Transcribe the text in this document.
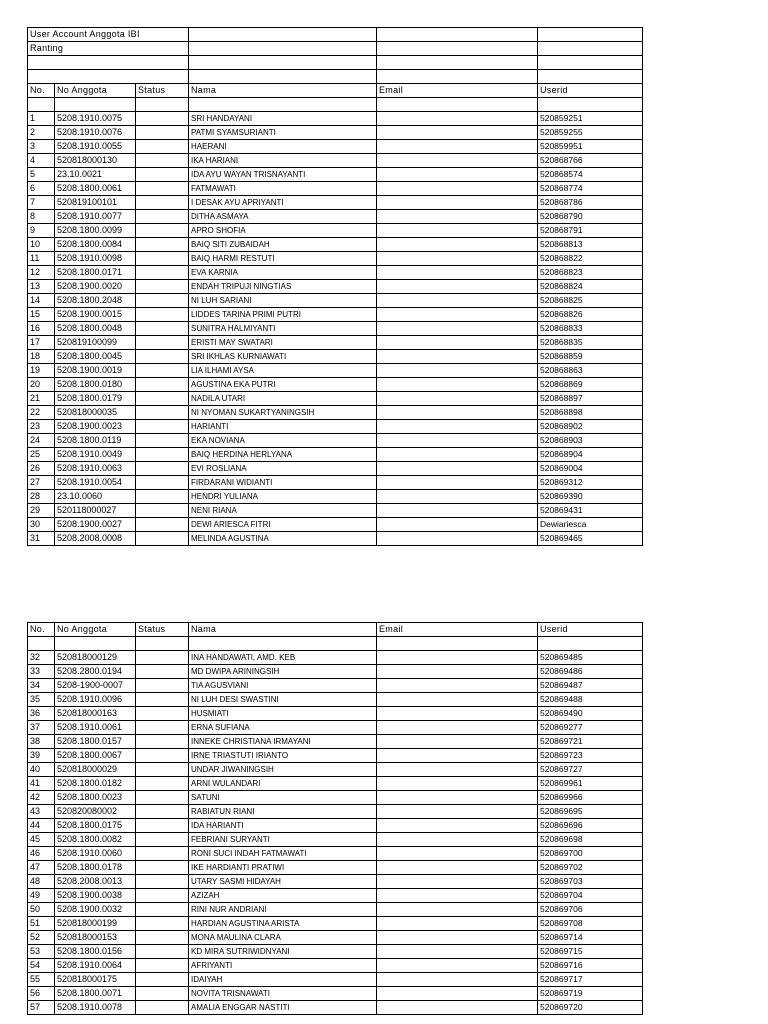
User Account Anggota IBI					
Ranting					

No.	No Anggota	Status	Nama	Email	Userid

1	5208.1910.0075		SRI HANDAYANI		520859251
2	5208.1910.0076		PATMI SYAMSURIANTI		520859255
3	5208.1910.0055		HAERANI		520859951
4	520818000130		IKA HARIANI		520868766
5	23.10.0021		IDA AYU WAYAN TRISNAYANTI		520868574
6	5208.1800.0061		FATMAWATI		520868774
7	520819100101		I DESAK AYU APRIYANTI		520868786
8	5208.1910.0077		DITHA ASMAYA		520868790
9	5208.1800.0099		APRO SHOFIA		520868791
10	5208.1800.0084		BAIQ SITI ZUBAIDAH		520868813
11	5208.1910.0098		BAIQ HARMI RESTUTI		520868822
12	5208.1800.0171		EVA KARNIA		520868823
13	5208.1900.0020		ENDAH TRIPUJI NINGTIAS		520868824
14	5208.1800.2048		NI LUH SARIANI		520868825
15	5208.1900.0015		LIDDES TARINA PRIMI PUTRI		520868826
16	5208.1800.0048		SUNITRA HALMIYANTI		520868833
17	520819100099		ERISTI MAY SWATARI		520868835
18	5208.1800.0045		SRI IKHLAS KURNIAWATI		520868859
19	5208.1900.0019		LIA ILHAMI AYSA		520868863
20	5208.1800.0180		AGUSTINA EKA PUTRI		520868869
21	5208.1800.0179		NADILA UTARI		520868897
22	520818000035		NI NYOMAN SUKARTYANINGSIH		520868898
23	5208.1900.0023		HARIANTI		520868902
24	5208.1800.0119		EKA NOVIANA		520868903
25	5208.1910.0049		BAIQ HERDINA HERLYANA		520868904
26	5208.1910.0063		EVI ROSLIANA		520869004
27	5208.1910.0054		FIRDARANI WIDIANTI		520869312
28	23.10.0060		HENDRI YULIANA		520869390
29	520118000027		NENI RIANA		520869431
30	5208.1900.0027		DEWI ARIESCA FITRI		Dewiariesca
31	5208.2008.0008		MELINDA AGUSTINA		520869465
No.	No Anggota	Status	Nama	Email	Userid

32	520818000129		INA HANDAWATI, AMD. KEB		520869485
33	5208.2800.0194		MD DWIPA ARININGSIH		520869486
34	5208-1900-0007		TIA AGUSVIANI		520869487
35	5208.1910.0096		NI LUH DESI SWASTINI		520869488
36	520818000163		HUSMIATI		520869490
37	5208.1910.0061		ERNA SUFIANA		520869277
38	5208.1800.0157		INNEKE CHRISTIANA IRMAYANI		520869721
39	5208.1800.0067		IRNE TRIASTUTI IRIANTO		520869723
40	520818000029		UNDAR JIWANINGSIH		520869727
41	5208.1800.0182		ARNI WULANDARI		520869961
42	5208.1800.0023		SATUNI		520869966
43	520820080002		RABIATUN RIANI		520869695
44	5208.1800.0175		IDA HARIANTI		520869696
45	5208.1800.0082		FEBRIANI SURYANTI		520869698
46	5208.1910.0060		RONI SUCI INDAH FATMAWATI		520869700
47	5208.1800.0178		IKE HARDIANTI PRATIWI		520869702
48	5208.2008.0013		UTARY SASMI HIDAYAH		520869703
49	5208.1900.0038		AZIZAH		520869704
50	5208.1900.0032		RINI NUR ANDRIANI		520869706
51	520818000199		HARDIAN AGUSTINA ARISTA		520869708
52	520818000153		MONA MAULINA CLARA		520869714
53	5208.1800.0156		KD MIRA SUTRIWIDNYANI		520869715
54	5208.1910.0064		AFRIYANTI		520869716
55	520818000175		IDAIYAH		520869717
56	5208.1800.0071		NOVITA TRISNAWATI		520869719
57	5208.1910.0078		AMALIA ENGGAR NASTITI		520869720
